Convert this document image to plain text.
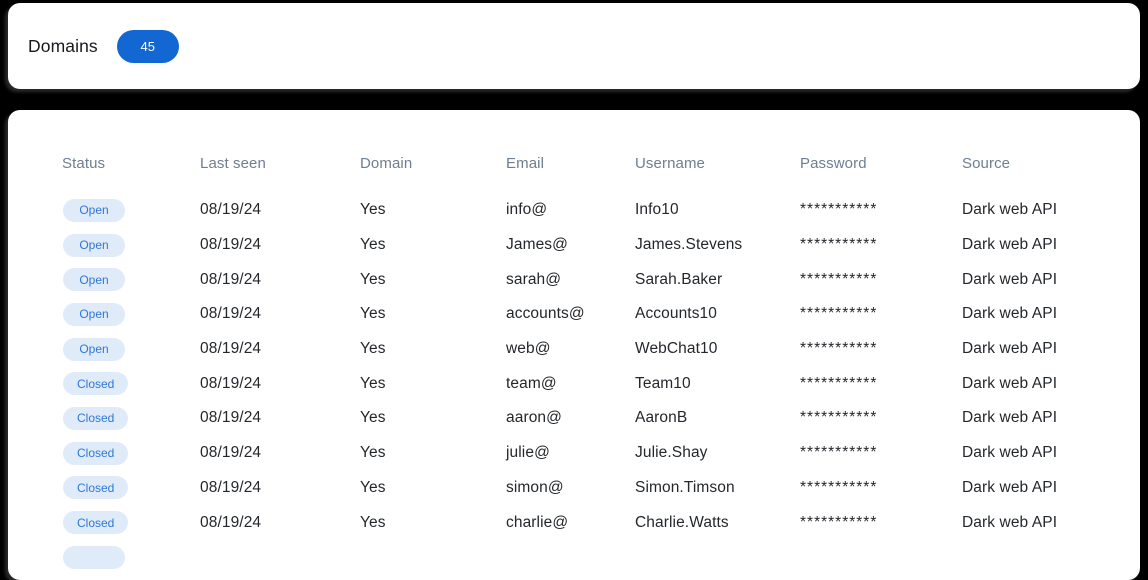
Domains	45
Status	Last seen	Domain	Email	Username	Password	Source
Open	08/19/24	Yes	info@	Info10	***********	Dark web API
Open	08/19/24	Yes	James@	James.Stevens	***********	Dark web API
Open	08/19/24	Yes	sarah@	Sarah.Baker	***********	Dark web API
Open	08/19/24	Yes	accounts@	Accounts10	***********	Dark web API
Open	08/19/24	Yes	web@	WebChat10	***********	Dark web API
Closed	08/19/24	Yes	team@	Team10	***********	Dark web API
Closed	08/19/24	Yes	aaron@	AaronB	***********	Dark web API
Closed	08/19/24	Yes	julie@	Julie.Shay	***********	Dark web API
Closed	08/19/24	Yes	simon@	Simon.Timson	***********	Dark web API
Closed	08/19/24	Yes	charlie@	Charlie.Watts	***********	Dark web API
